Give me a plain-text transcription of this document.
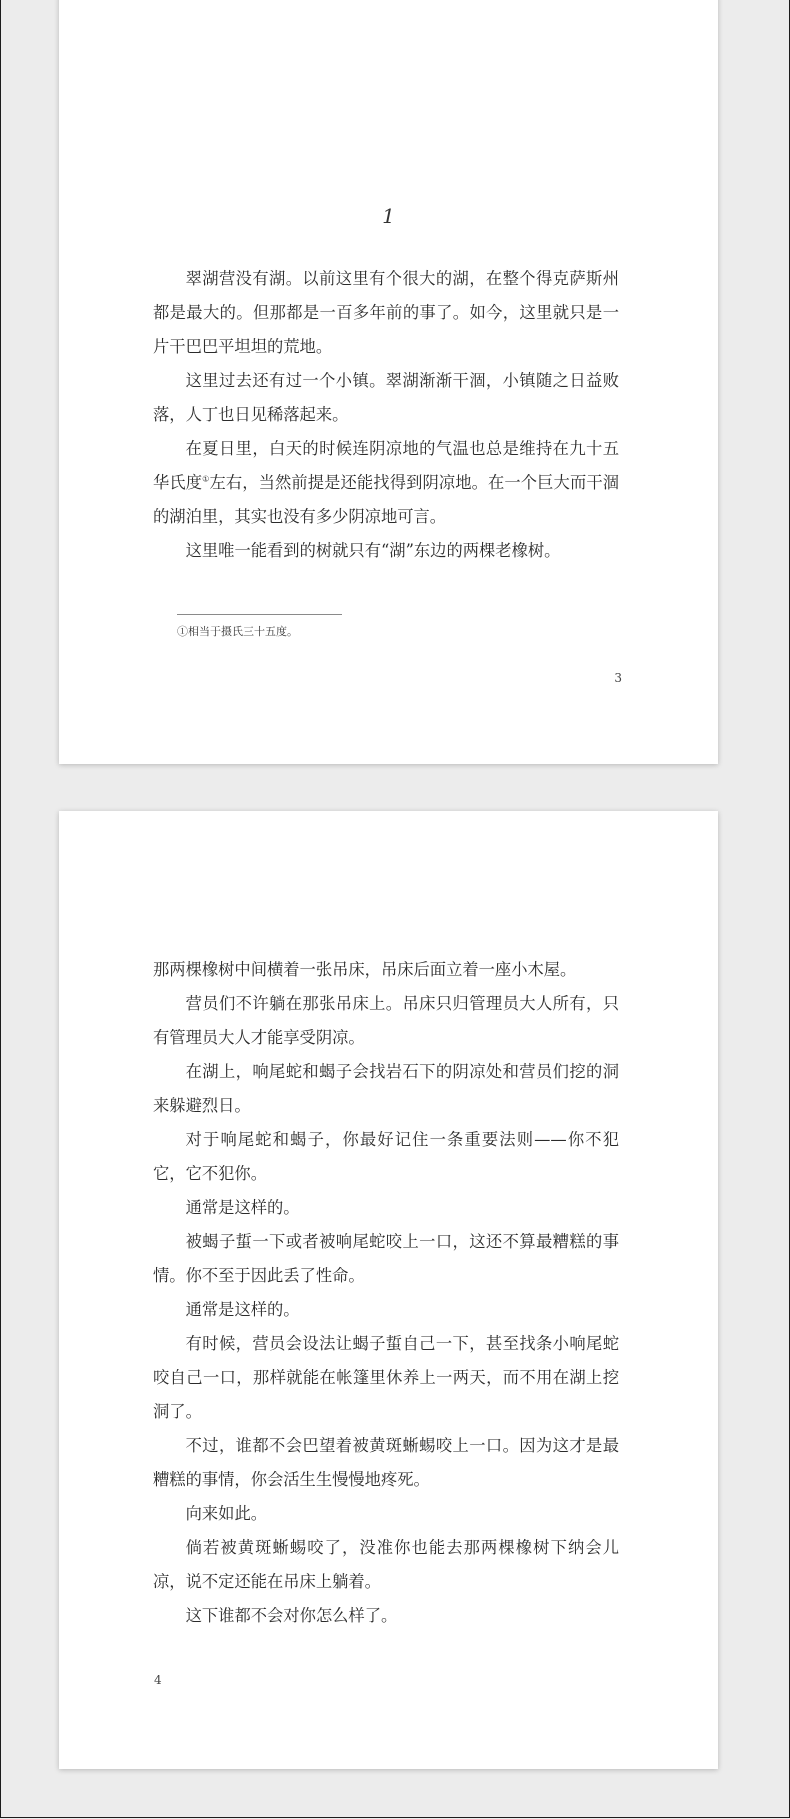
1

翠湖营没有湖。以前这里有个很大的湖，在整个得克萨斯州都是最大的。但那都是一百多年前的事了。如今，这里就只是一片干巴巴平坦坦的荒地。

这里过去还有过一个小镇。翠湖渐渐干涸，小镇随之日益败落，人丁也日见稀落起来。

在夏日里，白天的时候连阴凉地的气温也总是维持在九十五华氏度①左右，当然前提是还能找得到阴凉地。在一个巨大而干涸的湖泊里，其实也没有多少阴凉地可言。

这里唯一能看到的树就只有“湖”东边的两棵老橡树。

①相当于摄氏三十五度。
3

那两棵橡树中间横着一张吊床，吊床后面立着一座小木屋。

营员们不许躺在那张吊床上。吊床只归管理员大人所有，只有管理员大人才能享受阴凉。

在湖上，响尾蛇和蝎子会找岩石下的阴凉处和营员们挖的洞来躲避烈日。

对于响尾蛇和蝎子，你最好记住一条重要法则——你不犯它，它不犯你。

通常是这样的。

被蝎子蜇一下或者被响尾蛇咬上一口，这还不算最糟糕的事情。你不至于因此丢了性命。

通常是这样的。

有时候，营员会设法让蝎子蜇自己一下，甚至找条小响尾蛇咬自己一口，那样就能在帐篷里休养上一两天，而不用在湖上挖洞了。

不过，谁都不会巴望着被黄斑蜥蜴咬上一口。因为这才是最糟糕的事情，你会活生生慢慢地疼死。

向来如此。

倘若被黄斑蜥蜴咬了，没准你也能去那两棵橡树下纳会儿凉，说不定还能在吊床上躺着。

这下谁都不会对你怎么样了。

4
